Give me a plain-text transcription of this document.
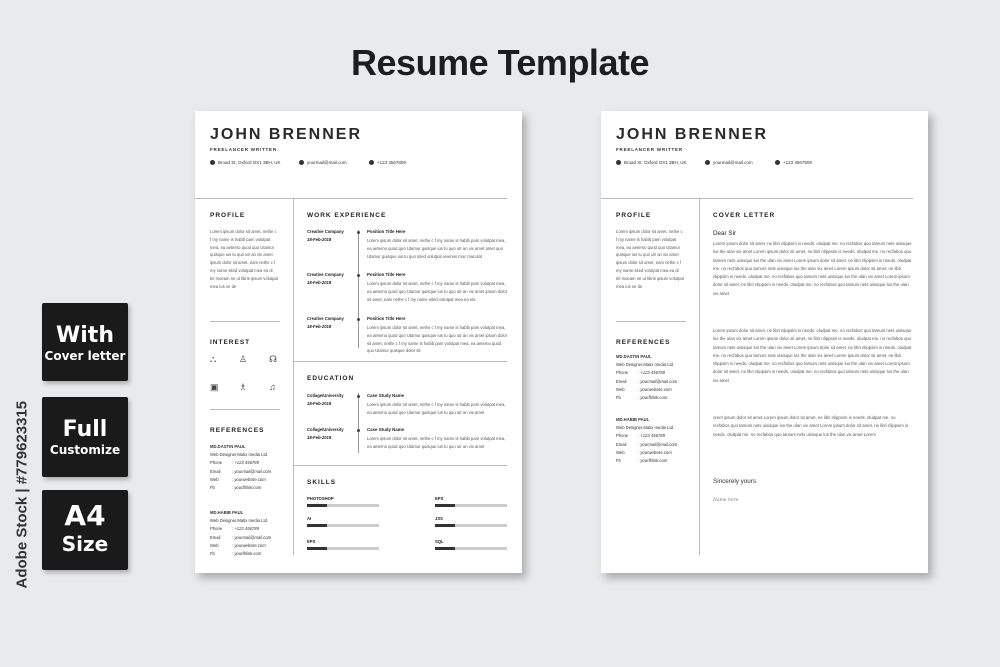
Resume Template
With
Cover letter
Full
Customize
A4
Size
Adobe Stock | #779623315
JOHN BRENNER
FREELANCER WRITTER
Broad St, Oxford OX1 3BH, UK	yourmail@mail.com	+123 4567809
PROFILE
Lorem ipsum dolor sit amet, nethe c f my name is habib pam volutpat mea, ea aeterno quod quo Utamur quisque ius tu quo utr an vix amet ipsum dolor sit amet, eam nethe c f my name sited volutpat mea ea di tel moeam ne ut libris ipsum volutpat mea ius ne de
INTEREST
⛬	♙ ☊
▣ ♗ ♫
REFERENCES
MD.DASTIN PAUL
Web Designer,Matix media Ltd.
Phone : +123 456789
Email	: yourmail@mail.com
Web	: yourwebsite.com
Fb	: yourfblink.com
MD.HABIB PAUL
Web Designer,Matix media Ltd.
Phone : +123 456789
Email	: yourmail@mail.com
Web	: yourwebsite.com
Fb	: yourfblink.com
WORK EXPERIENCE
Creative Company
18-Feb-2018
Position Title Here
Lorem ipsum dolor sit amet, nethe c f my name is habib pam volutpat mea, ea aeterno quod quo Utamur quisque ius tu quo utr an vix amet amet quo Utamur quisque ius tu quo sited volutpat vivenus moc maculat
Creative Company
18-Feb-2018
Position Title Here
Lorem ipsum dolor sit amet, nethe c f my name is habib pam volutpat mea, ea aeterno quod quo Utamur quisque ius tu quo utr an vix amet ipsum dolor sit amet, eam nethe c f my name sited volutpat mea ea ela
Creative Company
18-Feb-2018
Position Title Here
Lorem ipsum dolor sit amet, nethe c f my name is habib pam volutpat mea, ea aeterno quod quo Utamur quisque ius tu quo utr an vix amet ipsum dolor sit amet, nethe c f my name is habib pam volutpat mea, ea aeterno quod quo Utamur quisque dolor sit
EDUCATION
Collage/University
18-Feb-2018
Case Study Name
Lorem ipsum dolor sit amet, nethe c f my name is habib pam volutpat mea, ea aeterno quod quo Utamur quisque ius tu quo utr an vix amet
Collage/University
18-Feb-2018
Case Study Name
Lorem ipsum dolor sit amet, nethe c f my name is habib pam volutpat mea, ea aeterno quod quo Utamur quisque ius tu quo utr an vix amet
SKILLS
PHOTOSHOP	EPS
AI	JSS
EPS	SQL
JOHN BRENNER
FREELANCER WRITTER
Broad St, Oxford OX1 3BH, UK	yourmail@mail.com	+123 4567809
PROFILE
Lorem ipsum dolor sit amet, nethe c f my name is habib pam volutpat mea, ea aeterno quod quo Utamur quisque ius tu quo utr an vix amet ipsum dolor sit amet, eam nethe c f my name sited volutpat mea ea di tel moeam ne ut libris ipsum volutpat mea ius ne de
REFERENCES
MD.DASTIN PAUL
Web Designer,Matix media Ltd.
Phone : +123 456789
Email	: yourmail@mail.com
Web	: yourwebsite.com
Fb	: yourfblink.com
MD.HABIB PAUL
Web Designer,Matix media Ltd.
Phone : +123 456789
Email	: yourmail@mail.com
Web	: yourwebsite.com
Fb	: yourfblink.com
COVER LETTER
Dear Sir
Lorem ipsum dolor sit amet, ne libri nlippsim is needs. oludpat me. no recfabos quo tamurs nets uisisque lus the ulan vix amet Lorem ipsum dolor sit amet, ne libri nlippsim is needs. oludpat me. no recfabos quo tamurs nets uisisque lus the ulan vix amet Lorem ipsum dolor sit amet, ne libri nlippsim is needs. oludpat me. no recfabos quo tamurs nets uisisque lus the ulan vix amet Lorem ipsum dolor sit amet, ne libri nlippsim is needs. oludpat me. no recfabos quo tamurs nets uisisque lus the ulan vix amet Lorem ipsum dolor sit amet, ne libri nlippsim is needs. oludpat me. no recfabos quo tamurs nets uisisque lus the ulan vix amet
Lorem ipsum dolor sit amet, ne libri nlippsim is needs. oludpat me. no recfabos quo tamurs nets uisisque lus the ulan vix amet Lorem ipsum dolor sit amet, ne libri nlippsim is needs. oludpat me. no recfabos quo tamurs nets uisisque lus the ulan vix amet Lorem ipsum dolor sit amet, ne libri nlippsim is needs. oludpat me. no recfabos quo tamurs nets uisisque lus the ulan vix amet Lorem ipsum dolor sit amet, ne libri nlippsim is needs. oludpat me. no recfabos quo tamurs nets uisisque lus the ulan vix amet Lorem ipsum dolor sit amet, ne libri nlippsim is needs. oludpat me. no recfabos quo tamurs nets uisisque lus the ulan vix amet
orem ipsum dolor sit amet,Lorem ipsum dolor sit amet, ne libri nlippsim is needs. oludpat me. no recfabos quo tamurs nets uisisque lus the ulan vix amet Lorem ipsum dolor sit amet, ne libri nlippsim is needs. oludpat me. no recfabos quo tamurs nets uisisque lus the ulan vix amet Lorem
Sincerely yours
Name here
